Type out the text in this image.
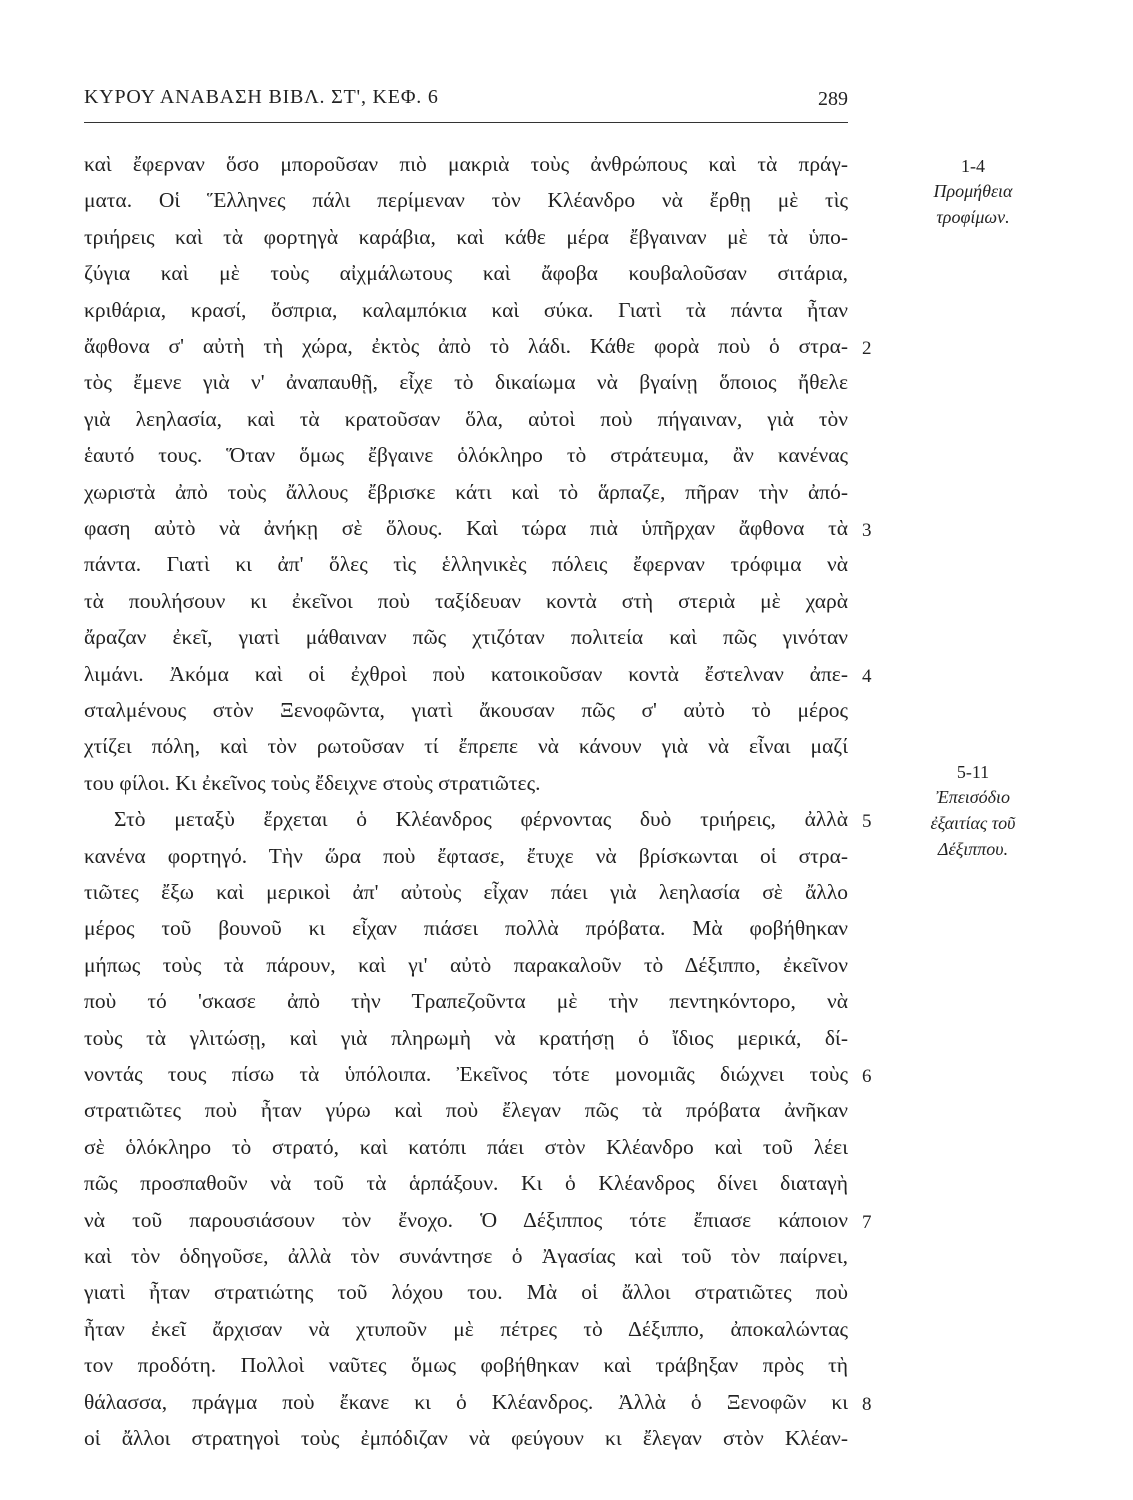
ΚΥΡΟΥ ΑΝΑΒΑΣΗ ΒΙΒΛ. ΣΤ', ΚΕΦ. 6	289
καὶ ἔφερναν ὅσο μποροῦσαν πιὸ μακριὰ τοὺς ἀνθρώπους καὶ τὰ πράγ-
ματα. Οἱ Ἕλληνες πάλι περίμεναν τὸν Κλέανδρο νὰ ἔρθῃ μὲ τὶς
τριήρεις καὶ τὰ φορτηγὰ καράβια, καὶ κάθε μέρα ἔβγαιναν μὲ τὰ ὑπο-
ζύγια καὶ μὲ τοὺς αἰχμάλωτους καὶ ἄφοβα κουβαλοῦσαν σιτάρια,
κριθάρια, κρασί, ὄσπρια, καλαμπόκια καὶ σύκα. Γιατὶ τὰ πάντα ἦταν
ἄφθονα σ' αὐτὴ τὴ χώρα, ἐκτὸς ἀπὸ τὸ λάδι. Κάθε φορὰ ποὺ ὁ στρα-
τὸς ἔμενε γιὰ ν' ἀναπαυθῇ, εἶχε τὸ δικαίωμα νὰ βγαίνῃ ὅποιος ἤθελε
γιὰ λεηλασία, καὶ τὰ κρατοῦσαν ὅλα, αὐτοὶ ποὺ πήγαιναν, γιὰ τὸν
ἑαυτό τους. Ὅταν ὅμως ἔβγαινε ὁλόκληρο τὸ στράτευμα, ἂν κανένας
χωριστὰ ἀπὸ τοὺς ἄλλους ἔβρισκε κάτι καὶ τὸ ἅρπαζε, πῆραν τὴν ἀπό-
φαση αὐτὸ νὰ ἀνήκῃ σὲ ὅλους. Καὶ τώρα πιὰ ὑπῆρχαν ἄφθονα τὰ
πάντα. Γιατὶ κι ἀπ' ὅλες τὶς ἑλληνικὲς πόλεις ἔφερναν τρόφιμα νὰ
τὰ πουλήσουν κι ἐκεῖνοι ποὺ ταξίδευαν κοντὰ στὴ στεριὰ μὲ χαρὰ
ἄραζαν ἐκεῖ, γιατὶ μάθαιναν πῶς χτιζόταν πολιτεία καὶ πῶς γινόταν
λιμάνι. Ἀκόμα καὶ οἱ ἐχθροὶ ποὺ κατοικοῦσαν κοντὰ ἔστελναν ἀπε-
σταλμένους στὸν Ξενοφῶντα, γιατὶ ἄκουσαν πῶς σ' αὐτὸ τὸ μέρος
χτίζει πόλη, καὶ τὸν ρωτοῦσαν τί ἔπρεπε νὰ κάνουν γιὰ νὰ εἶναι μαζί
του φίλοι. Κι ἐκεῖνος τοὺς ἔδειχνε στοὺς στρατιῶτες.
Στὸ μεταξὺ ἔρχεται ὁ Κλέανδρος φέρνοντας δυὸ τριήρεις, ἀλλὰ
κανένα φορτηγό. Τὴν ὥρα ποὺ ἔφτασε, ἔτυχε νὰ βρίσκωνται οἱ στρα-
τιῶτες ἔξω καὶ μερικοὶ ἀπ' αὐτοὺς εἶχαν πάει γιὰ λεηλασία σὲ ἄλλο
μέρος τοῦ βουνοῦ κι εἶχαν πιάσει πολλὰ πρόβατα. Μὰ φοβήθηκαν
μήπως τοὺς τὰ πάρουν, καὶ γι' αὐτὸ παρακαλοῦν τὸ Δέξιππο, ἐκεῖνον
ποὺ τό 'σκασε ἀπὸ τὴν Τραπεζοῦντα μὲ τὴν πεντηκόντορο, νὰ
τοὺς τὰ γλιτώσῃ, καὶ γιὰ πληρωμὴ νὰ κρατήσῃ ὁ ἴδιος μερικά, δί-
νοντάς τους πίσω τὰ ὑπόλοιπα. Ἐκεῖνος τότε μονομιᾶς διώχνει τοὺς
στρατιῶτες ποὺ ἦταν γύρω καὶ ποὺ ἔλεγαν πῶς τὰ πρόβατα ἀνῆκαν
σὲ ὁλόκληρο τὸ στρατό, καὶ κατόπι πάει στὸν Κλέανδρο καὶ τοῦ λέει
πῶς προσπαθοῦν νὰ τοῦ τὰ ἁρπάξουν. Κι ὁ Κλέανδρος δίνει διαταγὴ
νὰ τοῦ παρουσιάσουν τὸν ἔνοχο. Ὁ Δέξιππος τότε ἔπιασε κάποιον
καὶ τὸν ὁδηγοῦσε, ἀλλὰ τὸν συνάντησε ὁ Ἀγασίας καὶ τοῦ τὸν παίρνει,
γιατὶ ἦταν στρατιώτης τοῦ λόχου του. Μὰ οἱ ἄλλοι στρατιῶτες ποὺ
ἦταν ἐκεῖ ἄρχισαν νὰ χτυποῦν μὲ πέτρες τὸ Δέξιππο, ἀποκαλώντας
τον προδότη. Πολλοὶ ναῦτες ὅμως φοβήθηκαν καὶ τράβηξαν πρὸς τὴ
θάλασσα, πράγμα ποὺ ἔκανε κι ὁ Κλέανδρος. Ἀλλὰ ὁ Ξενοφῶν κι
οἱ ἄλλοι στρατηγοὶ τοὺς ἐμπόδιζαν νὰ φεύγουν κι ἔλεγαν στὸν Κλέαν-
2
3
4
5
6
7
8
1-4
Προμήθεια
τροφίμων.
5-11
Ἐπεισόδιο
ἐξαιτίας τοῦ
Δέξιππου.
